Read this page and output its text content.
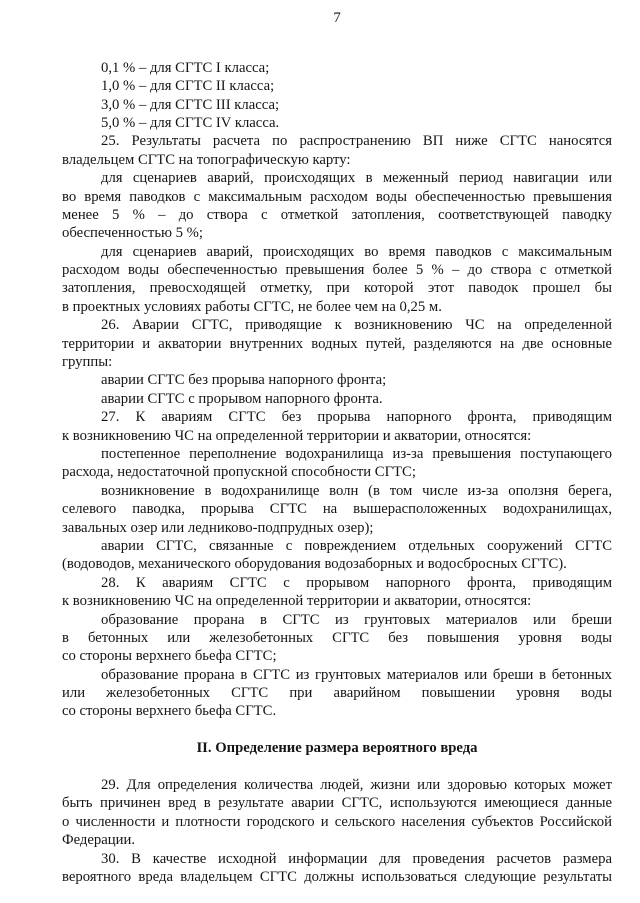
7
0,1 % – для СГТС I класса;
1,0 % – для СГТС II класса;
3,0 % – для СГТС III класса;
5,0 % – для СГТС IV класса.
25. Результаты расчета по распространению ВП ниже СГТС наносятся
владельцем СГТС на топографическую карту:
для сценариев аварий, происходящих в меженный период навигации или
во время паводков с максимальным расходом воды обеспеченностью превышения
менее 5 % – до створа с отметкой затопления, соответствующей паводку
обеспеченностью 5 %;
для сценариев аварий, происходящих во время паводков с максимальным
расходом воды обеспеченностью превышения более 5 % – до створа с отметкой
затопления, превосходящей отметку, при которой этот паводок прошел бы
в проектных условиях работы СГТС, не более чем на 0,25 м.
26. Аварии СГТС, приводящие к возникновению ЧС на определенной
территории и акватории внутренних водных путей, разделяются на две основные
группы:
аварии СГТС без прорыва напорного фронта;
аварии СГТС с прорывом напорного фронта.
27. К авариям СГТС без прорыва напорного фронта, приводящим
к возникновению ЧС на определенной территории и акватории, относятся:
постепенное переполнение водохранилища из-за превышения поступающего
расхода, недостаточной пропускной способности СГТС;
возникновение в водохранилище волн (в том числе из-за оползня берега,
селевого паводка, прорыва СГТС на вышерасположенных водохранилищах,
завальных озер или ледниково-подпрудных озер);
аварии СГТС, связанные с повреждением отдельных сооружений СГТС
(водоводов, механического оборудования водозаборных и водосбросных СГТС).
28. К авариям СГТС с прорывом напорного фронта, приводящим
к возникновению ЧС на определенной территории и акватории, относятся:
образование прорана в СГТС из грунтовых материалов или бреши
в бетонных или железобетонных СГТС без повышения уровня воды
со стороны верхнего бьефа СГТС;
образование прорана в СГТС из грунтовых материалов или бреши в бетонных
или железобетонных СГТС при аварийном повышении уровня воды
со стороны верхнего бьефа СГТС.
II. Определение размера вероятного вреда
29. Для определения количества людей, жизни или здоровью которых может
быть причинен вред в результате аварии СГТС, используются имеющиеся данные
о численности и плотности городского и сельского населения субъектов Российской
Федерации.
30. В качестве исходной информации для проведения расчетов размера
вероятного вреда владельцем СГТС должны использоваться следующие результаты
